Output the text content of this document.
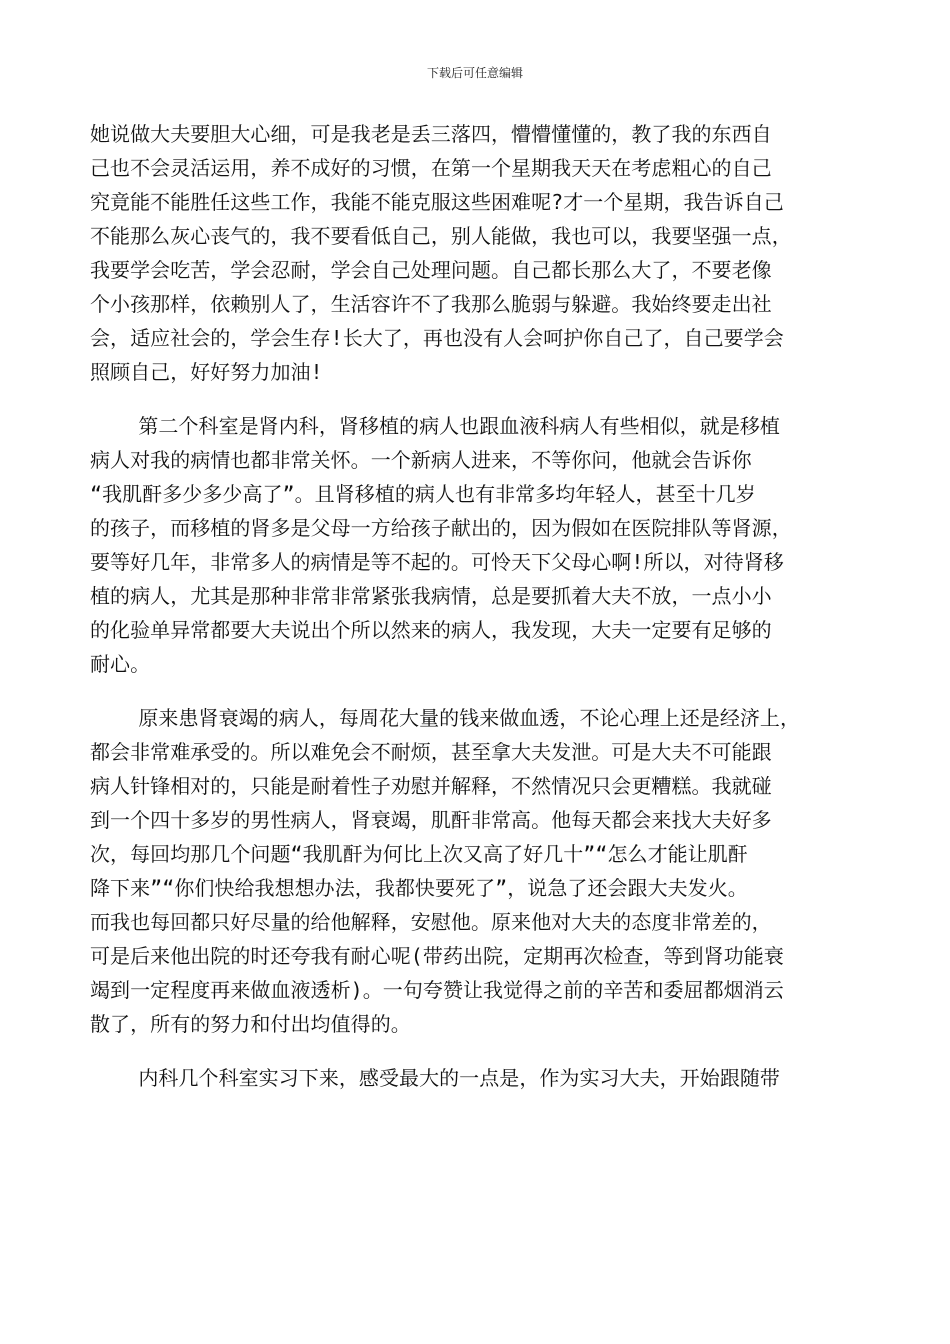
下载后可任意编辑
她说做大夫要胆大心细，可是我老是丢三落四，懵懵懂懂的，教了我的东西自
己也不会灵活运用，养不成好的习惯，在第一个星期我天天在考虑粗心的自己
究竟能不能胜任这些工作，我能不能克服这些困难呢?才一个星期，我告诉自己
不能那么灰心丧气的，我不要看低自己，别人能做，我也可以，我要坚强一点，
我要学会吃苦，学会忍耐，学会自己处理问题。自己都长那么大了，不要老像
个小孩那样，依赖别人了，生活容许不了我那么脆弱与躲避。我始终要走出社
会，适应社会的，学会生存!长大了，再也没有人会呵护你自己了，自己要学会
照顾自己，好好努力加油!
第二个科室是肾内科，肾移植的病人也跟血液科病人有些相似，就是移植
病人对我的病情也都非常关怀。一个新病人进来，不等你问，他就会告诉你
“我肌酐多少多少高了”。且肾移植的病人也有非常多均年轻人，甚至十几岁
的孩子，而移植的肾多是父母一方给孩子献出的，因为假如在医院排队等肾源，
要等好几年，非常多人的病情是等不起的。可怜天下父母心啊!所以，对待肾移
植的病人，尤其是那种非常非常紧张我病情，总是要抓着大夫不放，一点小小
的化验单异常都要大夫说出个所以然来的病人，我发现，大夫一定要有足够的
耐心。
原来患肾衰竭的病人，每周花大量的钱来做血透，不论心理上还是经济上，
都会非常难承受的。所以难免会不耐烦，甚至拿大夫发泄。可是大夫不可能跟
病人针锋相对的，只能是耐着性子劝慰并解释，不然情况只会更糟糕。我就碰
到一个四十多岁的男性病人，肾衰竭，肌酐非常高。他每天都会来找大夫好多
次，每回均那几个问题“我肌酐为何比上次又高了好几十”“怎么才能让肌酐
降下来”“你们快给我想想办法，我都快要死了”，说急了还会跟大夫发火。
而我也每回都只好尽量的给他解释，安慰他。原来他对大夫的态度非常差的，
可是后来他出院的时还夸我有耐心呢(带药出院，定期再次检查，等到肾功能衰
竭到一定程度再来做血液透析)。一句夸赞让我觉得之前的辛苦和委屈都烟消云
散了，所有的努力和付出均值得的。
内科几个科室实习下来，感受最大的一点是，作为实习大夫，开始跟随带
